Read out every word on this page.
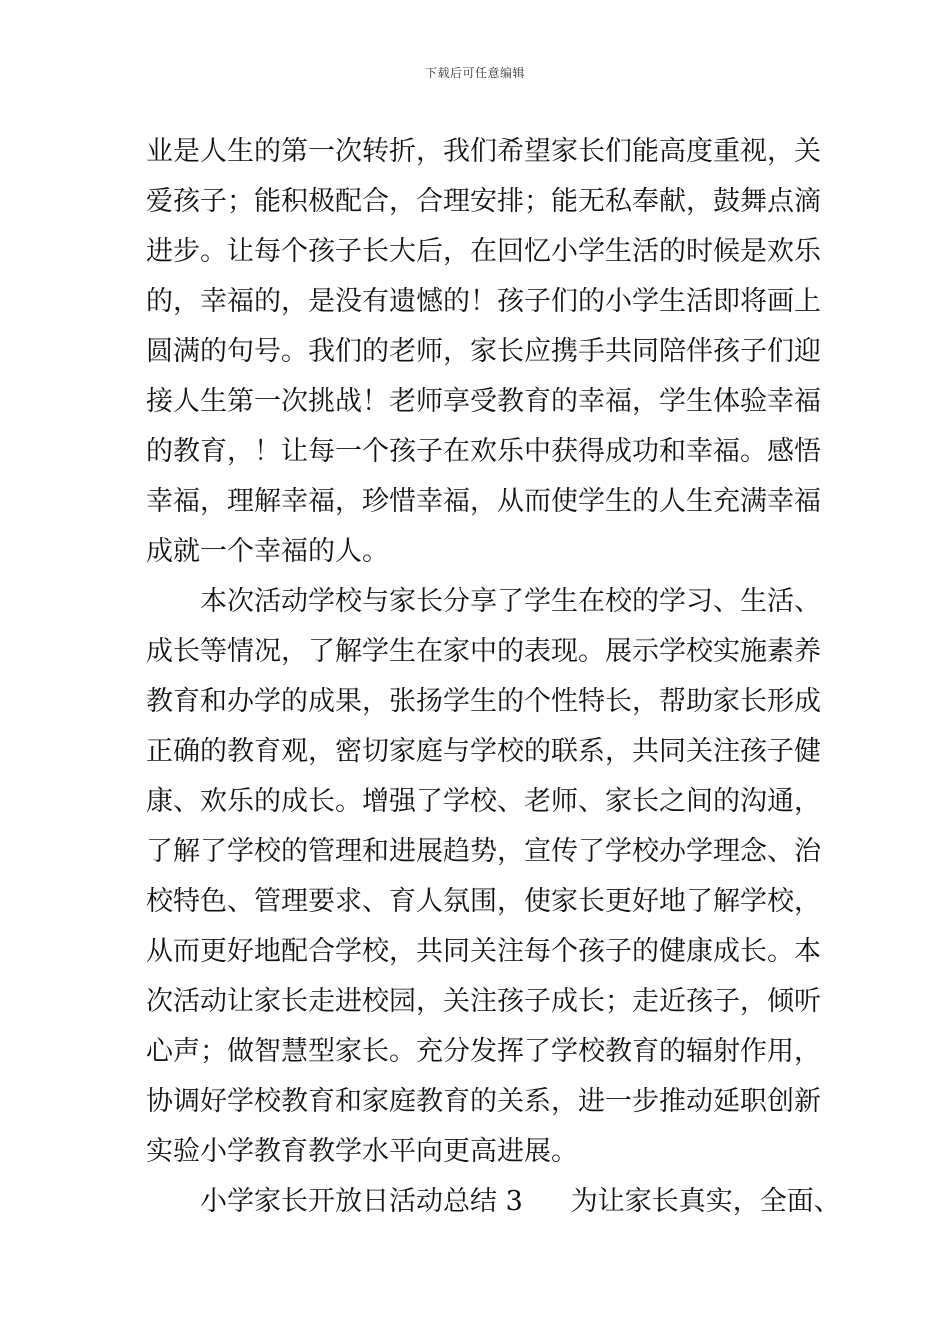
下载后可任意编辑
业是人生的第一次转折，我们希望家长们能高度重视，关
爱孩子；能积极配合，合理安排；能无私奉献，鼓舞点滴
进步。让每个孩子长大后，在回忆小学生活的时候是欢乐
的，幸福的，是没有遗憾的！孩子们的小学生活即将画上
圆满的句号。我们的老师，家长应携手共同陪伴孩子们迎
接人生第一次挑战！老师享受教育的幸福，学生体验幸福
的教育，！让每一个孩子在欢乐中获得成功和幸福。感悟
幸福，理解幸福，珍惜幸福，从而使学生的人生充满幸福
成就一个幸福的人。
本次活动学校与家长分享了学生在校的学习、生活、
成长等情况，了解学生在家中的表现。展示学校实施素养
教育和办学的成果，张扬学生的个性特长，帮助家长形成
正确的教育观，密切家庭与学校的联系，共同关注孩子健
康、欢乐的成长。增强了学校、老师、家长之间的沟通，
了解了学校的管理和进展趋势，宣传了学校办学理念、治
校特色、管理要求、育人氛围，使家长更好地了解学校，
从而更好地配合学校，共同关注每个孩子的健康成长。本
次活动让家长走进校园，关注孩子成长；走近孩子，倾听
心声；做智慧型家长。充分发挥了学校教育的辐射作用，
协调好学校教育和家庭教育的关系，进一步推动延职创新
实验小学教育教学水平向更高进展。
小学家长开放日活动总结 3 为让家长真实，全面、
